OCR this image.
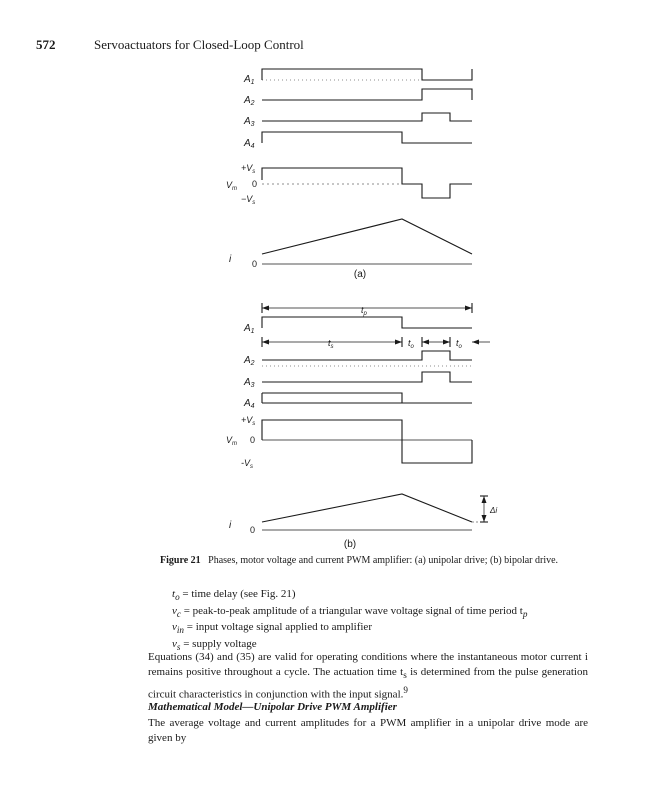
572	Servoactuators for Closed-Loop Control
$A_1$
$A_2$
$A_3$
$A_4$
$+V_s$
$V_m$ 0
$-V_s$
i 0
(a)
$t_p$
$A_1$
$t_s$	$t_o$	$t_o$
$A_2$
$A_3$
$A_4$
$+V_s$
$V_m$ 0
$-V_s$
i 0
Δi
(b)
Figure 21 Phases, motor voltage and current PWM amplifier: (a) unipolar drive; (b) bipolar drive.
$t_o$ = time delay (see Fig. 21)
$v_c$ = peak-to-peak amplitude of a triangular wave voltage signal of time period $t_p$
$v_{in}$ = input voltage signal applied to amplifier
$v_s$ = supply voltage
Equations (34) and (35) are valid for operating conditions where the instantaneous motor current i remains positive throughout a cycle. The actuation time $t_s$ is determined from the pulse generation circuit characteristics in conjunction with the input signal.$^9$
Mathematical Model—Unipolar Drive PWM Amplifier
The average voltage and current amplitudes for a PWM amplifier in a unipolar drive mode are given by
